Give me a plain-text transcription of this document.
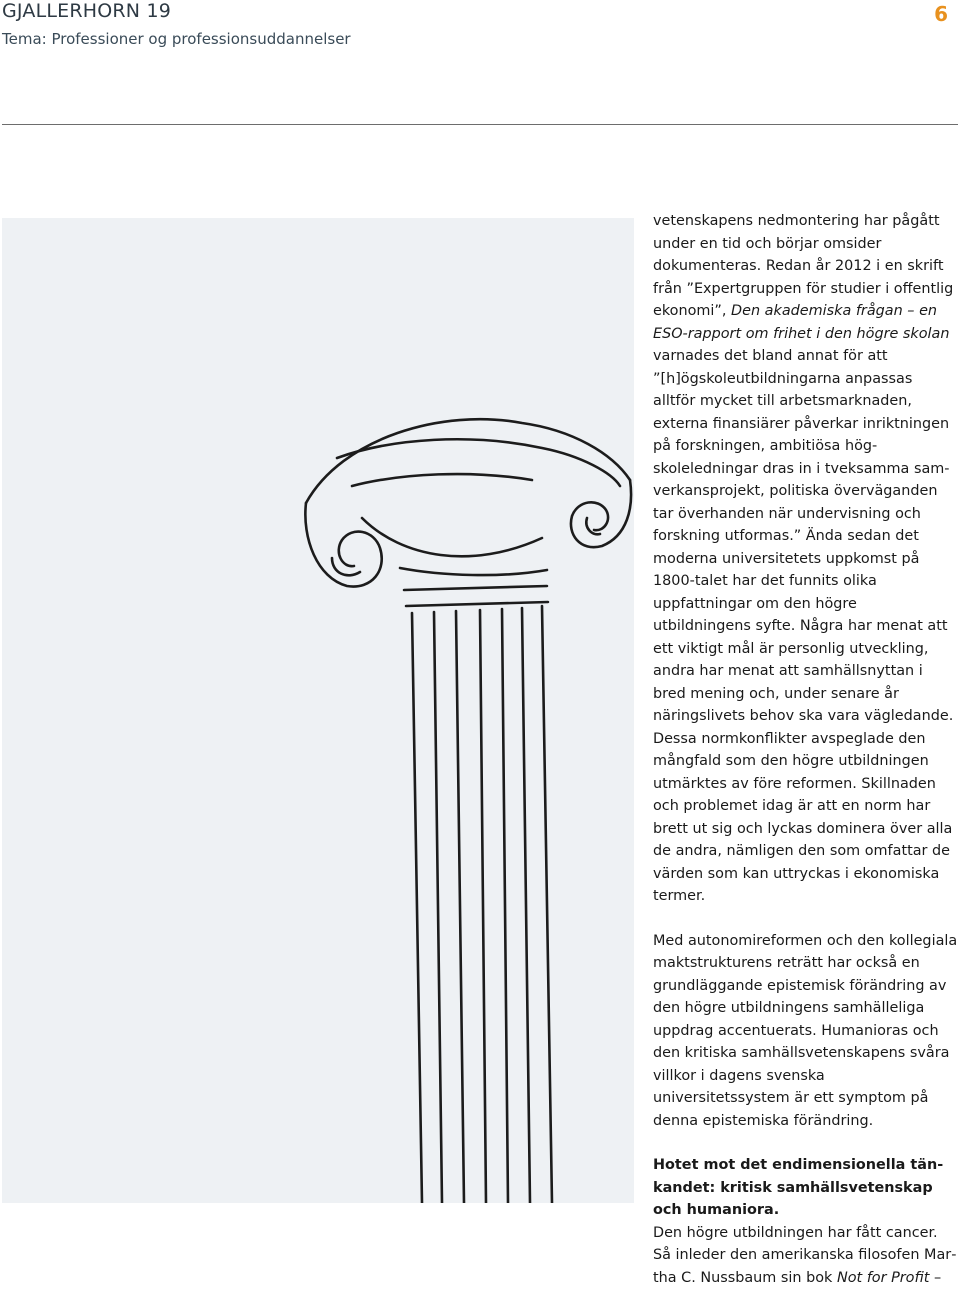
GJALLERHORN 19
Tema: Professioner og professionsuddannelser
6

vetenskapens nedmontering har pågått under en tid och börjar omsider dokumenteras. Redan år 2012 i en skrift från ”Expertgruppen för studier i offentlig ekonomi”, Den akademiska frågan – en ESO-rapport om frihet i den högre skolan varnades det bland annat för att ”[h]ögskoleutbildningarna anpassas alltför mycket till arbetsmarknaden, externa finansiärer påverkar inriktningen på forskningen, ambitiösa högskoleledningar dras in i tveksamma samverkansprojekt, politiska överväganden tar överhanden när undervisning och forskning utformas.” Ända sedan det moderna universitetets uppkomst på 1800-talet har det funnits olika uppfattningar om den högre utbildningens syfte. Några har menat att ett viktigt mål är personlig utveckling, andra har menat att samhällsnyttan i bred mening och, under senare år näringslivets behov ska vara vägledande. Dessa normkonflikter avspeglade den mångfald som den högre utbildningen utmärktes av före reformen. Skillnaden och problemet idag är att en norm har brett ut sig och lyckas dominera över alla de andra, nämligen den som omfattar de värden som kan uttryckas i ekonomiska termer.

Med autonomireformen och den kollegiala maktstrukturens reträtt har också en grundläggande epistemisk förändring av den högre utbildningens samhälleliga uppdrag accentuerats. Humanioras och den kritiska samhällsvetenskapens svåra villkor i dagens svenska universitetssystem är ett symptom på denna epistemiska förändring.

Hotet mot det endimensionella tänkandet: kritisk samhällsvetenskap och humaniora.
Den högre utbildningen har fått cancer. Så inleder den amerikanska filosofen Martha C. Nussbaum sin bok Not for Profit –
